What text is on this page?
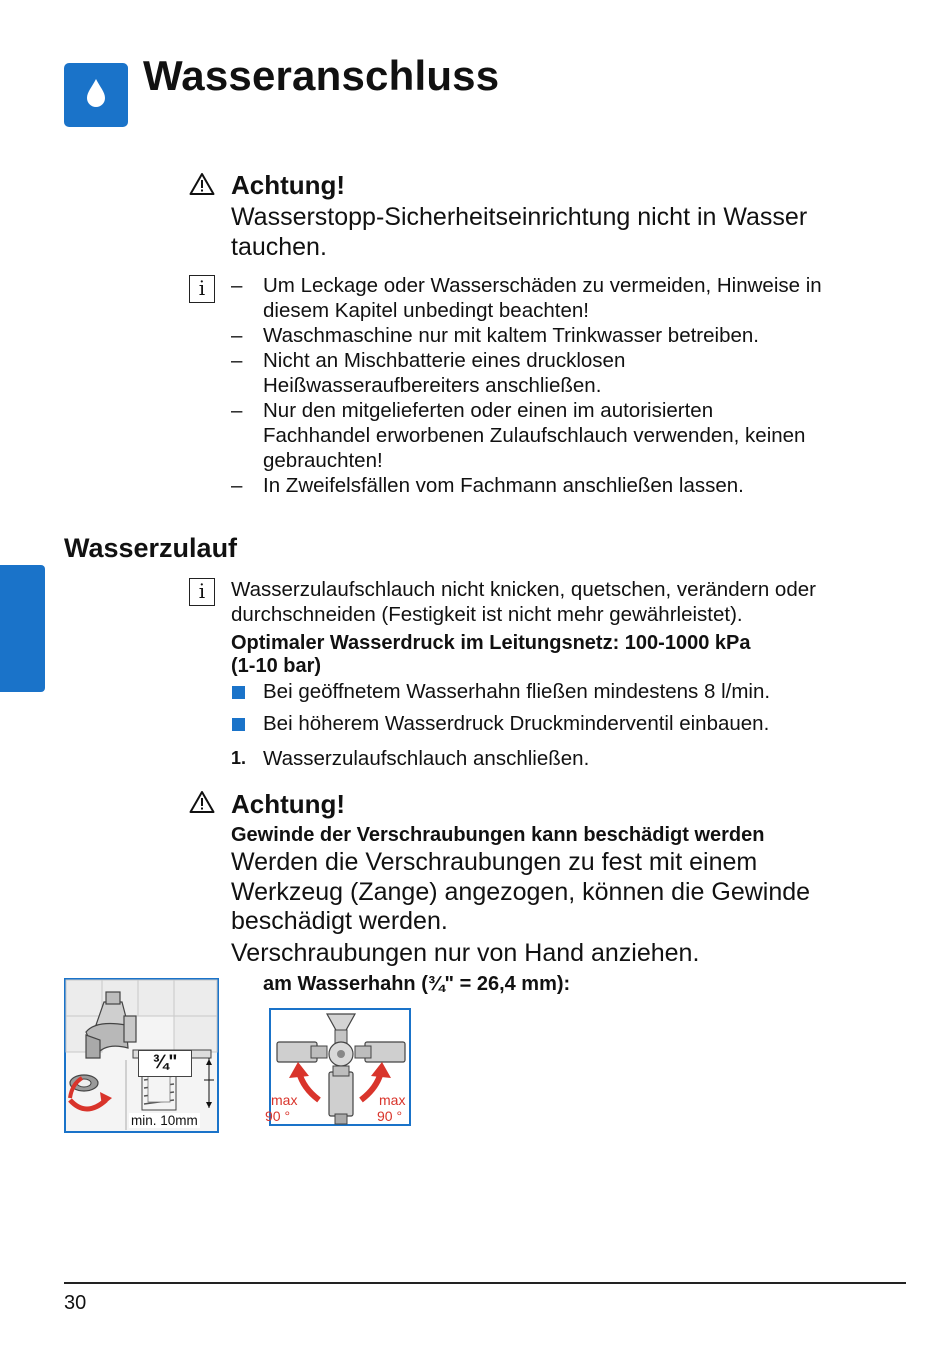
Wasseranschluss
Achtung!
Wasserstopp-Sicherheitseinrichtung nicht in Wasser
tauchen.
i
–	Um Leckage oder Wasserschäden zu vermeiden, Hinweise in
diesem Kapitel unbedingt beachten!
– Waschmaschine nur mit kaltem Trinkwasser betreiben.
– Nicht an Mischbatterie eines drucklosen
Heißwasseraufbereiters anschließen.
– Nur den mitgelieferten oder einen im autorisierten
Fachhandel erworbenen Zulaufschlauch verwenden, keinen
gebrauchten!
– In Zweifelsfällen vom Fachmann anschließen lassen.
Wasserzulauf
i	Wasserzulaufschlauch nicht knicken, quetschen, verändern oder
durchschneiden (Festigkeit ist nicht mehr gewährleistet).
Optimaler Wasserdruck im Leitungsnetz: 100-1000 kPa
(1-10 bar)
Bei geöffnetem Wasserhahn fließen mindestens 8 l/min.
Bei höherem Wasserdruck Druckminderventil einbauen.
1. Wasserzulaufschlauch anschließen.
Achtung!
Gewinde der Verschraubungen kann beschädigt werden
Werden die Verschraubungen zu fest mit einem
Werkzeug (Zange) angezogen, können die Gewinde
beschädigt werden.
Verschraubungen nur von Hand anziehen.
am Wasserhahn (¾" = 26,4 mm):
¾"
min. 10mm
max
90 °
max
90 °
30
